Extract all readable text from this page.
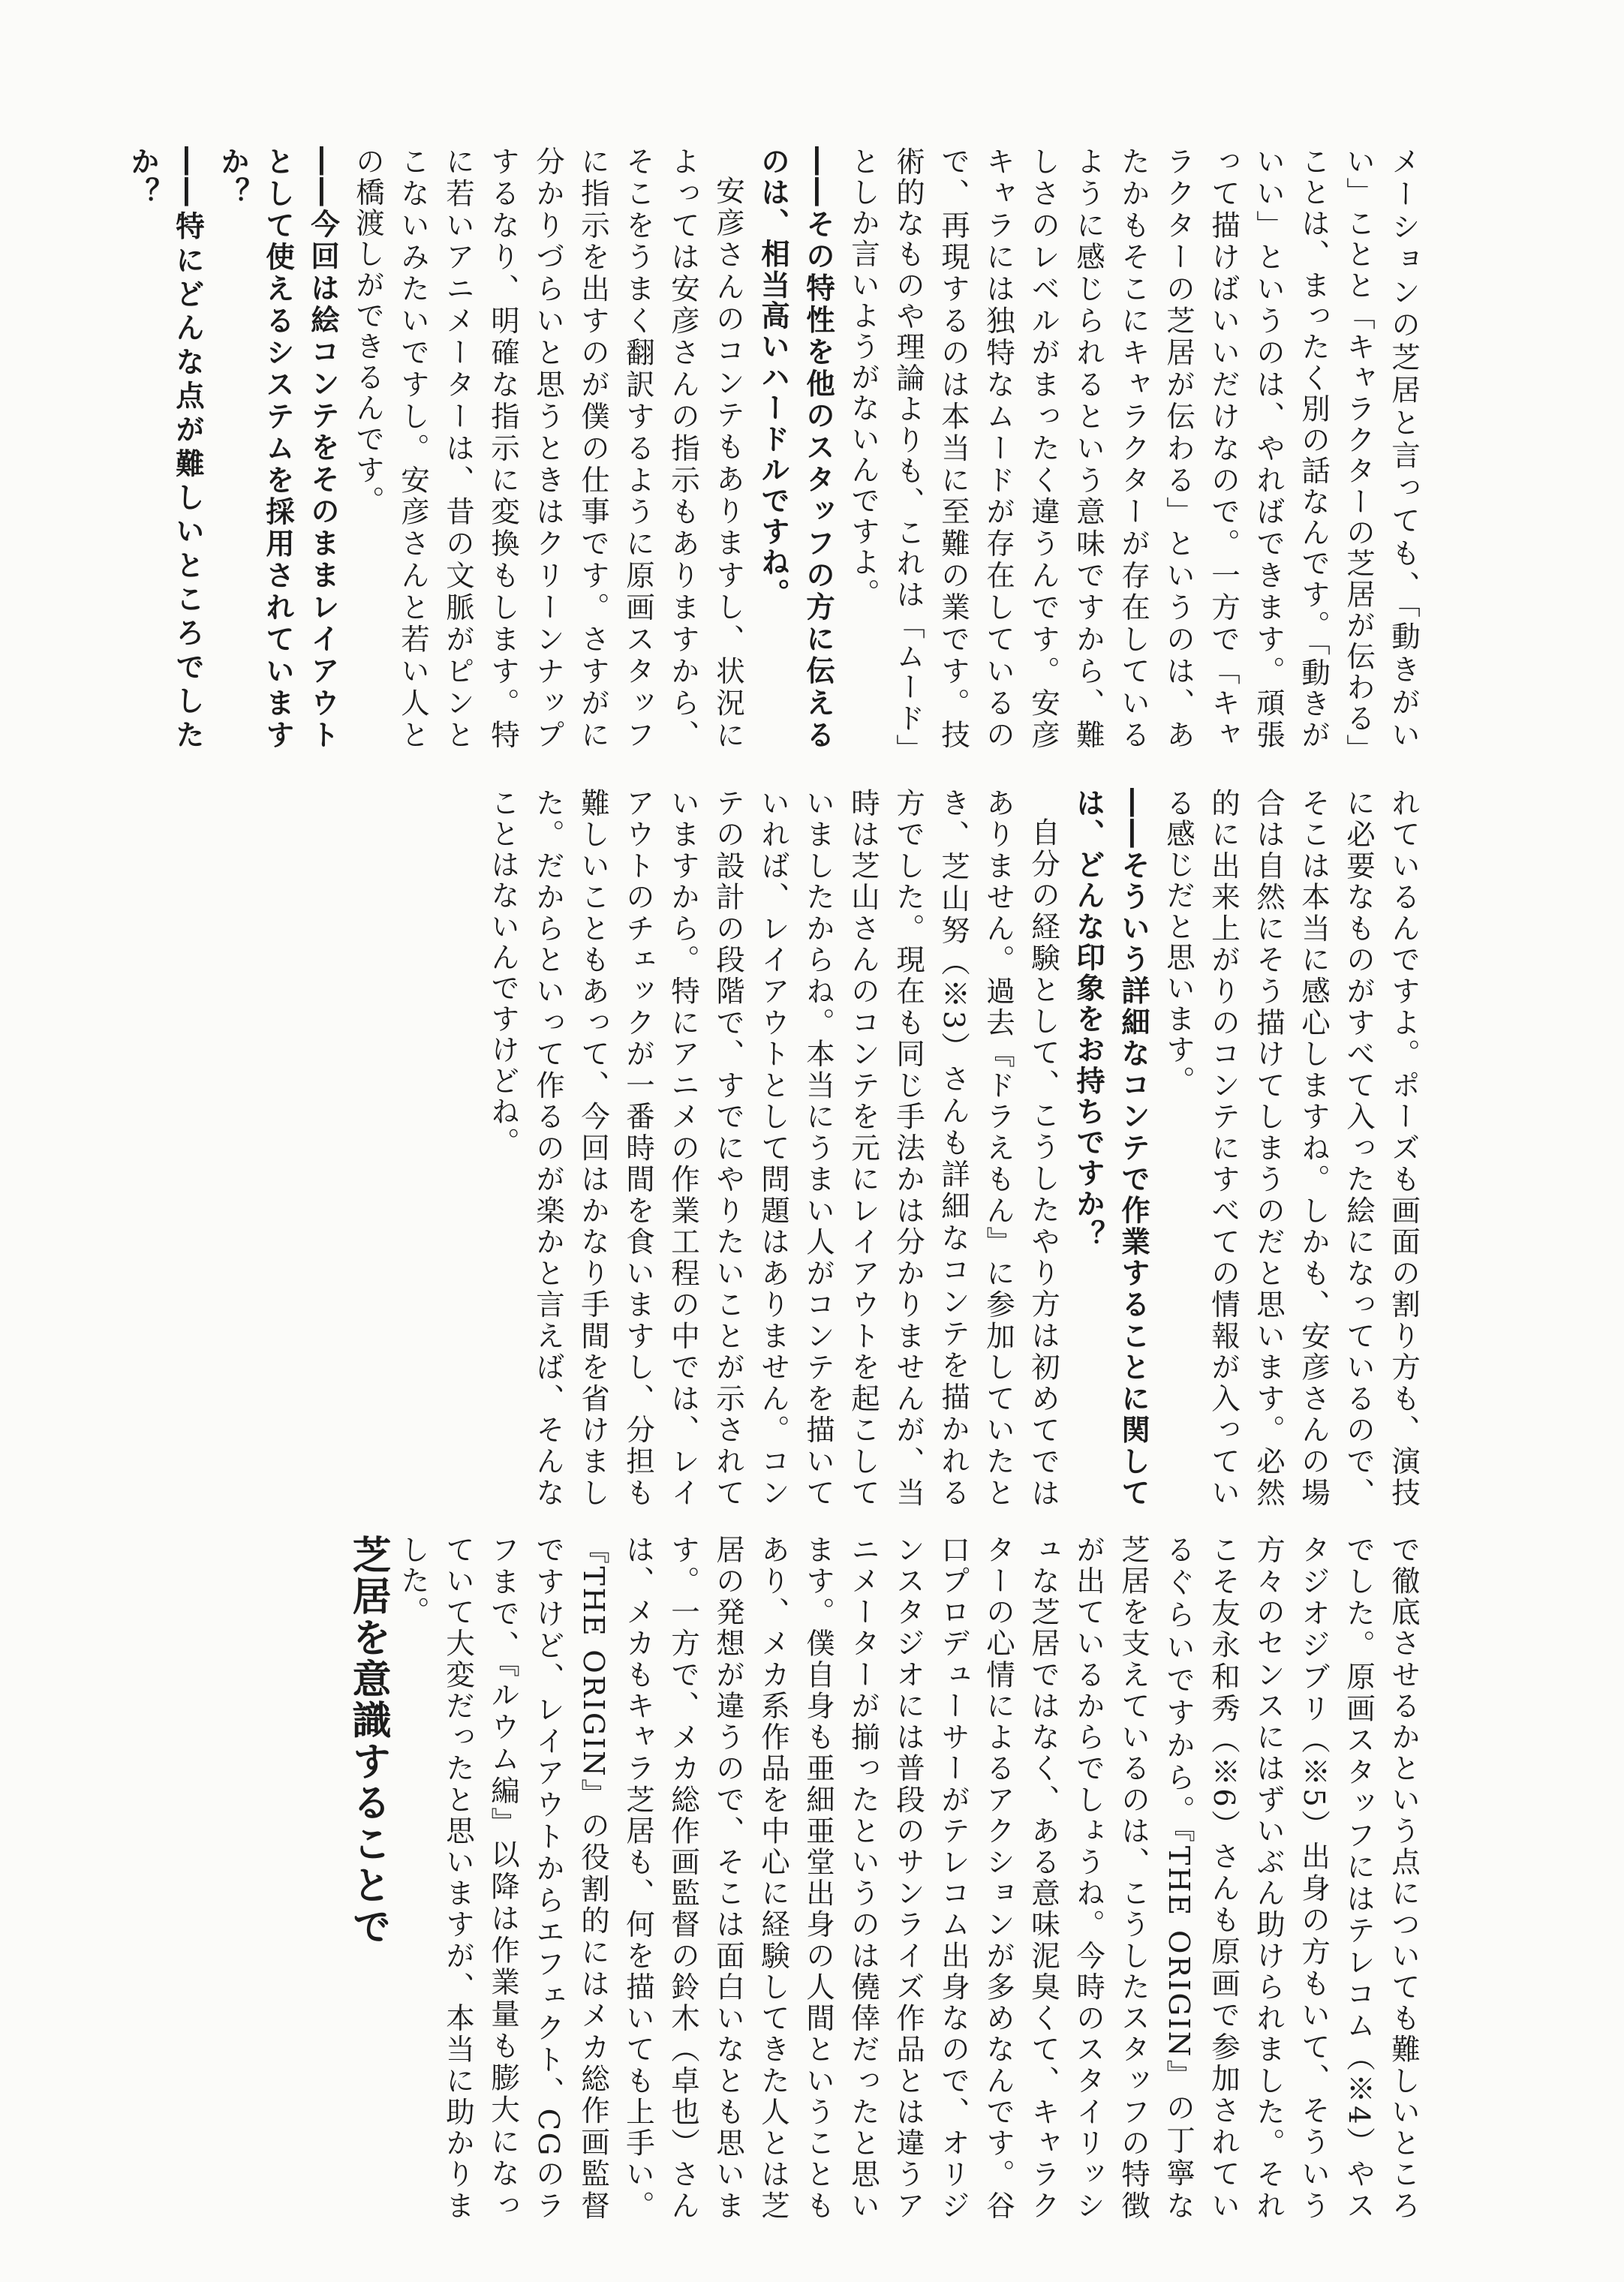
メーションの芝居と言っても、「動きがいい」ことと「キャラクターの芝居が伝わる」ことは、まったく別の話なんです。「動きがいい」というのは、やればできます。頑張って描けばいいだけなので。一方で「キャラクターの芝居が伝わる」というのは、あたかもそこにキャラクターが存在しているように感じられるという意味ですから、難しさのレベルがまったく違うんです。安彦キャラには独特なムードが存在しているので、再現するのは本当に至難の業です。技術的なものや理論よりも、これは「ムード」としか言いようがないんですよ。

――その特性を他のスタッフの方に伝えるのは、相当高いハードルですね。

安彦さんのコンテもありますし、状況によっては安彦さんの指示もありますから、そこをうまく翻訳するように原画スタッフに指示を出すのが僕の仕事です。さすがに分かりづらいと思うときはクリーンナップするなり、明確な指示に変換もします。特に若いアニメーターは、昔の文脈がピンとこないみたいですし。安彦さんと若い人との橋渡しができるんです。

――今回は絵コンテをそのままレイアウトとして使えるシステムを採用されていますか？

――特にどんな点が難しいところでしたか？

れているんですよ。ポーズも画面の割り方も、演技に必要なものがすべて入った絵になっているので、そこは本当に感心しますね。しかも、安彦さんの場合は自然にそう描けてしまうのだと思います。必然的に出来上がりのコンテにすべての情報が入っている感じだと思います。

――そういう詳細なコンテで作業することに関しては、どんな印象をお持ちですか？

自分の経験として、こうしたやり方は初めてではありません。過去『ドラえもん』に参加していたとき、芝山努（※3）さんも詳細なコンテを描かれる方でした。現在も同じ手法かは分かりませんが、当時は芝山さんのコンテを元にレイアウトを起こしていましたからね。本当にうまい人がコンテを描いていれば、レイアウトとして問題はありません。コンテの設計の段階で、すでにやりたいことが示されていますから。特にアニメの作業工程の中では、レイアウトのチェックが一番時間を食いますし、分担も難しいこともあって、今回はかなり手間を省けました。だからといって作るのが楽かと言えば、そんなことはないんですけどね。

で徹底させるかという点についても難しいところでした。原画スタッフにはテレコム（※4）やスタジオジブリ（※5）出身の方もいて、そういう方々のセンスにはずいぶん助けられました。それこそ友永和秀（※6）さんも原画で参加されているぐらいですから。『THE ORIGIN』の丁寧な芝居を支えているのは、こうしたスタッフの特徴が出ているからでしょうね。今時のスタイリッシュな芝居ではなく、ある意味泥臭くて、キャラクターの心情によるアクションが多めなんです。谷口プロデューサーがテレコム出身なので、オリジンスタジオには普段のサンライズ作品とは違うアニメーターが揃ったというのは僥倖だったと思います。僕自身も亜細亜堂出身の人間ということもあり、メカ系作品を中心に経験してきた人とは芝居の発想が違うので、そこは面白いなとも思います。一方で、メカ総作画監督の鈴木（卓也）さんは、メカもキャラ芝居も、何を描いても上手い。『THE ORIGIN』の役割的にはメカ総作画監督ですけど、レイアウトからエフェクト、CGのラフまで、『ルウム編』以降は作業量も膨大になっていて大変だったと思いますが、本当に助かりました。

芝居を意識することで
